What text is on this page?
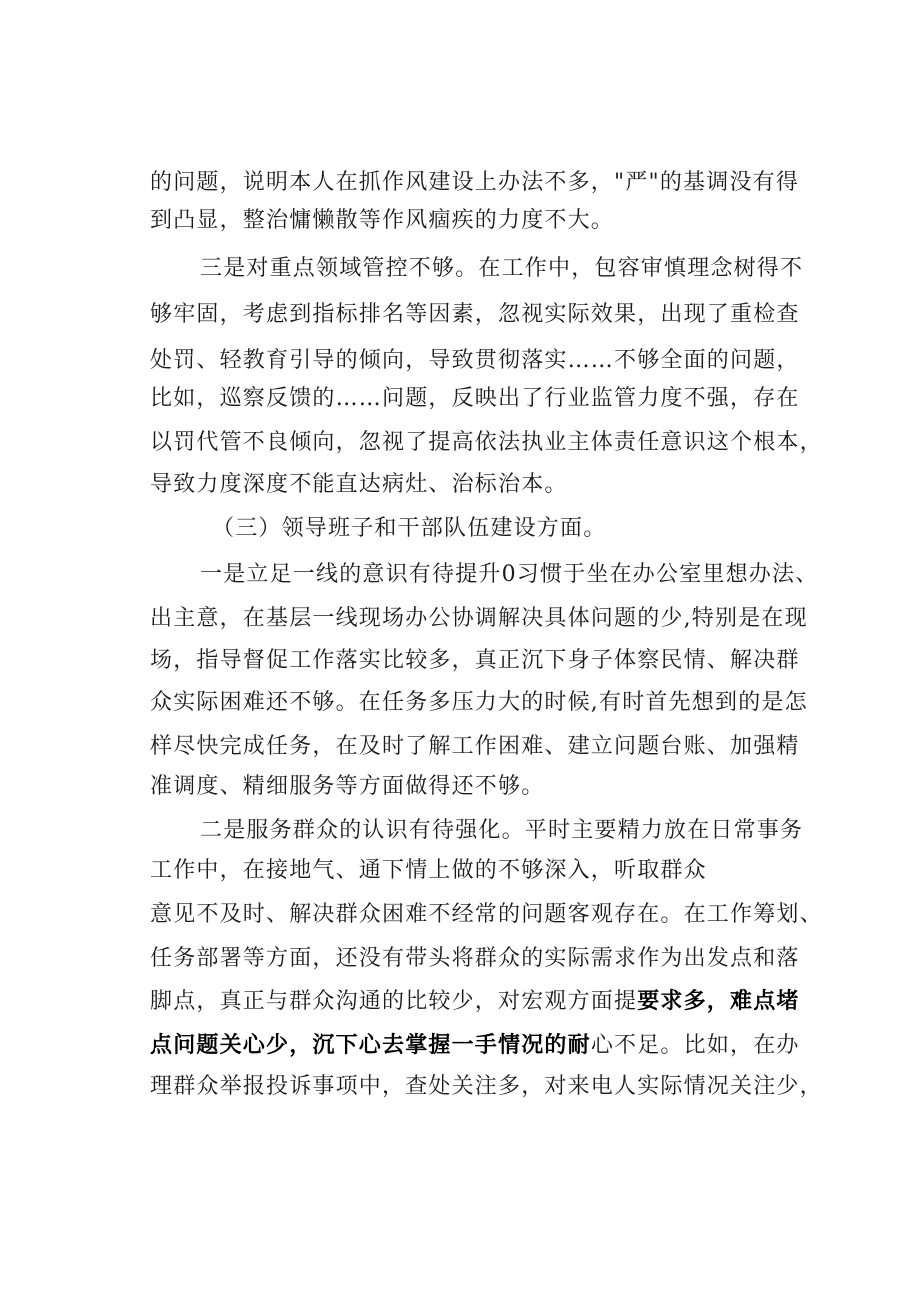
的问题，说明本人在抓作风建设上办法不多，"严"的基调没有得
到凸显，整治慵懒散等作风痼疾的力度不大。
三是对重点领域管控不够。在工作中，包容审慎理念树得不
够牢固，考虑到指标排名等因素，忽视实际效果，出现了重检查
处罚、轻教育引导的倾向，导致贯彻落实……不够全面的问题，
比如，巡察反馈的……问题，反映出了行业监管力度不强，存在
以罚代管不良倾向，忽视了提高依法执业主体责任意识这个根本，
导致力度深度不能直达病灶、治标治本。
（三）领导班子和干部队伍建设方面。
一是立足一线的意识有待提升0习惯于坐在办公室里想办法、
出主意，在基层一线现场办公协调解决具体问题的少,特别是在现
场，指导督促工作落实比较多，真正沉下身子体察民情、解决群
众实际困难还不够。在任务多压力大的时候,有时首先想到的是怎
样尽快完成任务，在及时了解工作困难、建立问题台账、加强精
准调度、精细服务等方面做得还不够。
二是服务群众的认识有待强化。平时主要精力放在日常事务
工作中，在接地气、通下情上做的不够深入，听取群众
意见不及时、解决群众困难不经常的问题客观存在。在工作筹划、
任务部署等方面，还没有带头将群众的实际需求作为出发点和落
脚点，真正与群众沟通的比较少，对宏观方面提要求多，难点堵
点问题关心少，沉下心去掌握一手情况的耐心不足。比如，在办
理群众举报投诉事项中，查处关注多，对来电人实际情况关注少，
